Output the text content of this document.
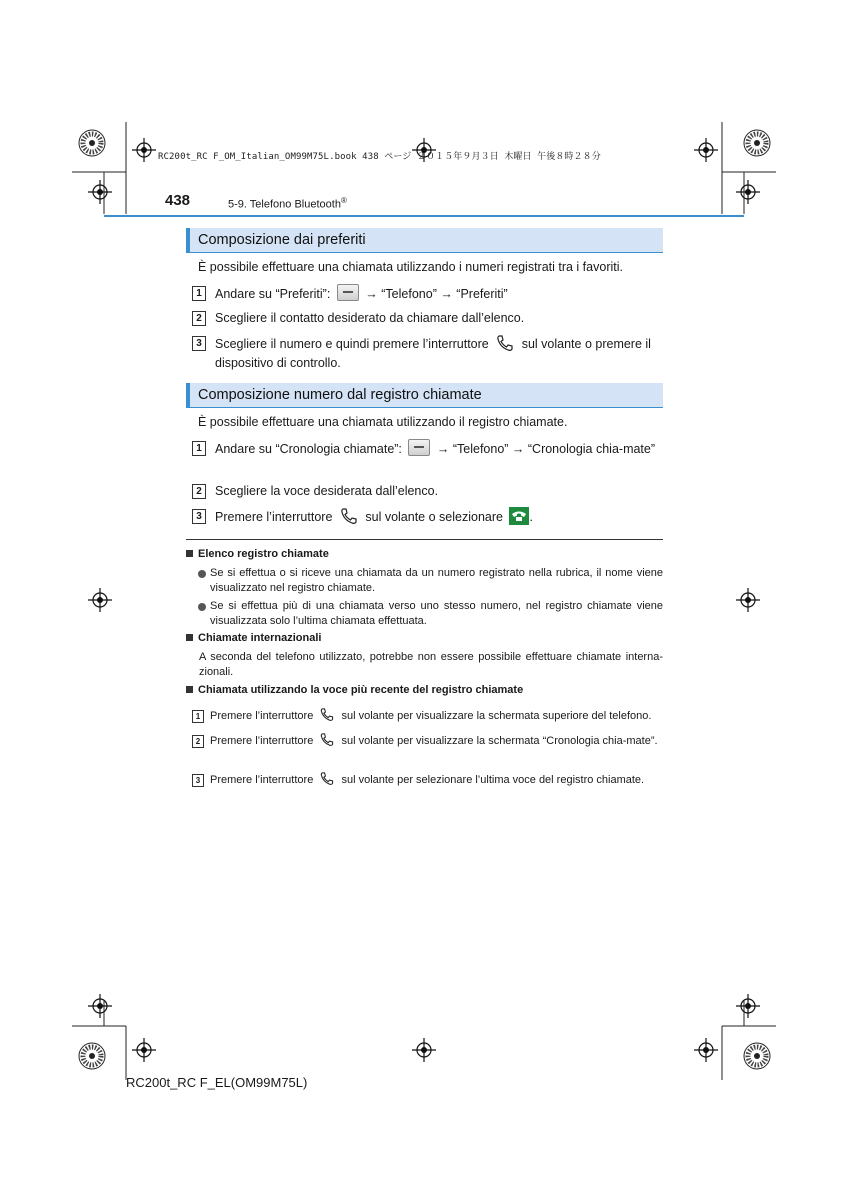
RC200t_RC F_OM_Italian_OM99M75L.book 438 ページ ２０１５年９月３日 木曜日 午後８時２８分
438	5-9. Telefono Bluetooth®
Composizione dai preferiti
È possibile effettuare una chiamata utilizzando i numeri registrati tra i favoriti.
1	Andare su “Preferiti”:	→ “Telefono” → “Preferiti”
2	Scegliere il contatto desiderato da chiamare dall’elenco.
3	Scegliere il numero e quindi premere l’interruttore	sul volante o premere il dispositivo di controllo.
Composizione numero dal registro chiamate
È possibile effettuare una chiamata utilizzando il registro chiamate.
1	Andare su “Cronologia chiamate”:	→ “Telefono” → “Cronologia chia-mate”
2	Scegliere la voce desiderata dall’elenco.
3	Premere l’interruttore	sul volante o selezionare .
Elenco registro chiamate
Se si effettua o si riceve una chiamata da un numero registrato nella rubrica, il nome viene visualizzato nel registro chiamate.
Se si effettua più di una chiamata verso uno stesso numero, nel registro chiamate viene visualizzata solo l’ultima chiamata effettuata.
Chiamate internazionali
A seconda del telefono utilizzato, potrebbe non essere possibile effettuare chiamate interna-zionali.
Chiamata utilizzando la voce più recente del registro chiamate
1 Premere l’interruttore	sul volante per visualizzare la schermata superiore del telefono.
2 Premere l’interruttore	sul volante per visualizzare la schermata “Cronologia chia-mate”.
3 Premere l’interruttore	sul volante per selezionare l’ultima voce del registro chiamate.
RC200t_RC F_EL(OM99M75L)
